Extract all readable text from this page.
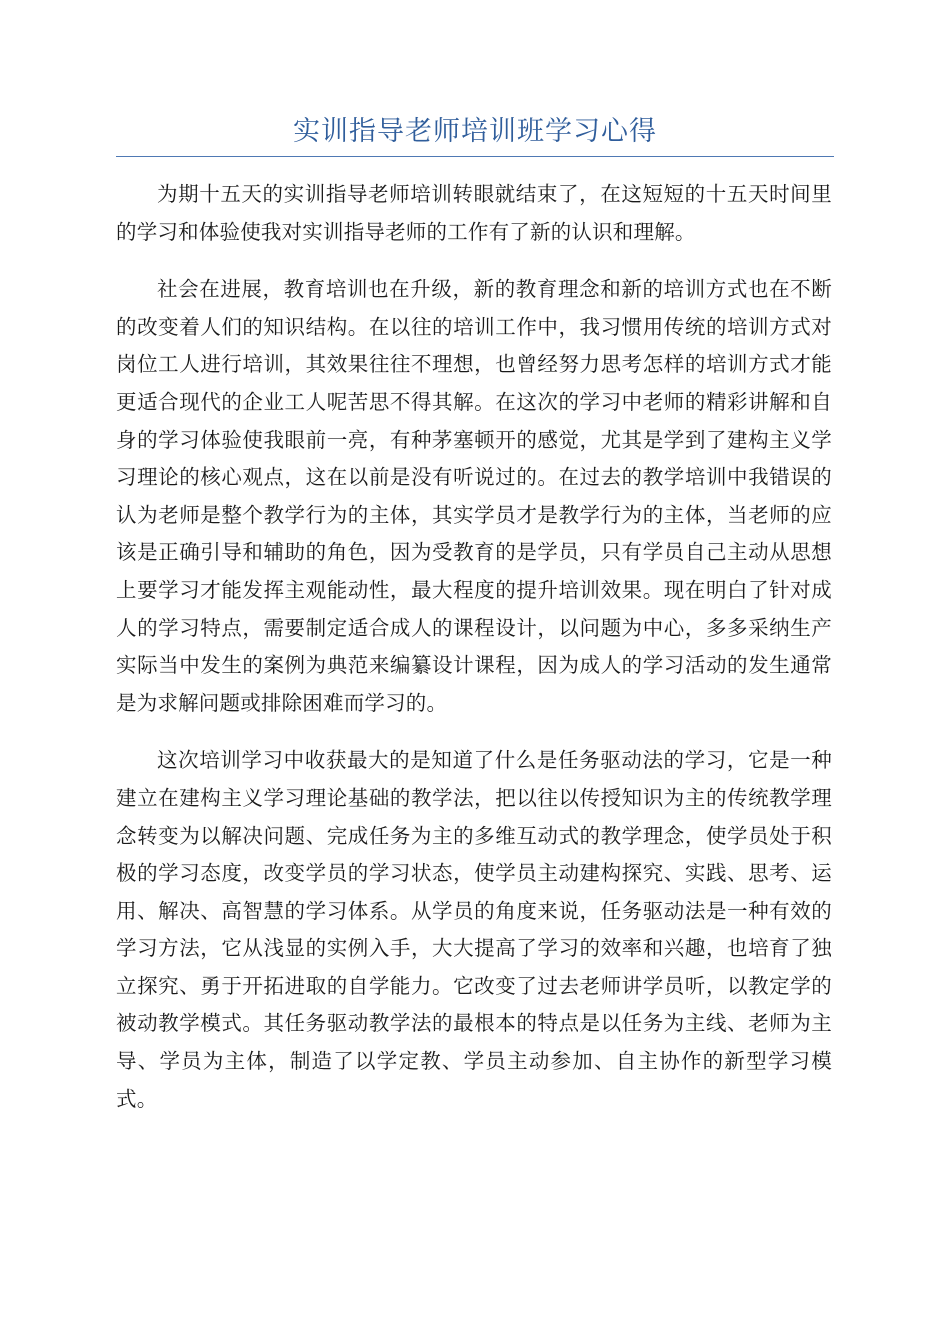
实训指导老师培训班学习心得

为期十五天的实训指导老师培训转眼就结束了，在这短短的十五天时间里的学习和体验使我对实训指导老师的工作有了新的认识和理解。

社会在进展，教育培训也在升级，新的教育理念和新的培训方式也在不断的改变着人们的知识结构。在以往的培训工作中，我习惯用传统的培训方式对岗位工人进行培训，其效果往往不理想，也曾经努力思考怎样的培训方式才能更适合现代的企业工人呢苦思不得其解。在这次的学习中老师的精彩讲解和自身的学习体验使我眼前一亮，有种茅塞顿开的感觉，尤其是学到了建构主义学习理论的核心观点，这在以前是没有听说过的。在过去的教学培训中我错误的认为老师是整个教学行为的主体，其实学员才是教学行为的主体，当老师的应该是正确引导和辅助的角色，因为受教育的是学员，只有学员自己主动从思想上要学习才能发挥主观能动性，最大程度的提升培训效果。现在明白了针对成人的学习特点，需要制定适合成人的课程设计，以问题为中心，多多采纳生产实际当中发生的案例为典范来编纂设计课程，因为成人的学习活动的发生通常是为求解问题或排除困难而学习的。

这次培训学习中收获最大的是知道了什么是任务驱动法的学习，它是一种建立在建构主义学习理论基础的教学法，把以往以传授知识为主的传统教学理念转变为以解决问题、完成任务为主的多维互动式的教学理念，使学员处于积极的学习态度，改变学员的学习状态，使学员主动建构探究、实践、思考、运用、解决、高智慧的学习体系。从学员的角度来说，任务驱动法是一种有效的学习方法，它从浅显的实例入手，大大提高了学习的效率和兴趣，也培育了独立探究、勇于开拓进取的自学能力。它改变了过去老师讲学员听，以教定学的被动教学模式。其任务驱动教学法的最根本的特点是以任务为主线、老师为主导、学员为主体，制造了以学定教、学员主动参加、自主协作的新型学习模式。
